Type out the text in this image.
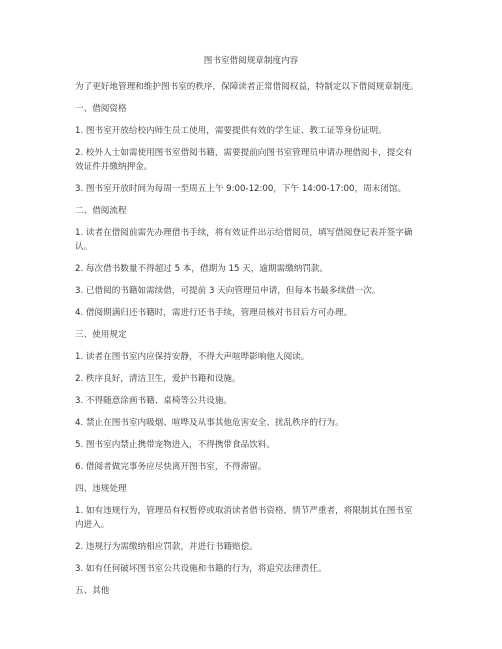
图书室借阅规章制度内容
为了更好地管理和维护图书室的秩序，保障读者正常借阅权益，特制定以下借阅规章制度。
一、借阅资格
1. 图书室开放给校内师生员工使用，需要提供有效的学生证、教工证等身份证明。
2. 校外人士如需使用图书室借阅书籍，需要提前向图书室管理员申请办理借阅卡，提交有
效证件并缴纳押金。
3. 图书室开放时间为每周一至周五上午 9:00-12:00，下午 14:00-17:00，周末闭馆。
二、借阅流程
1. 读者在借阅前需先办理借书手续，将有效证件出示给借阅员，填写借阅登记表并签字确
认。
2. 每次借书数量不得超过 5 本，借期为 15 天，逾期需缴纳罚款。
3. 已借阅的书籍如需续借，可提前 3 天向管理员申请，但每本书最多续借一次。
4. 借阅期满归还书籍时，需进行还书手续，管理员核对书目后方可办理。
三、使用规定
1. 读者在图书室内应保持安静，不得大声喧哗影响他人阅读。
2. 秩序良好，清洁卫生，爱护书籍和设施。
3. 不得随意涂画书籍、桌椅等公共设施。
4. 禁止在图书室内吸烟、喧哗及从事其他危害安全、扰乱秩序的行为。
5. 图书室内禁止携带宠物进入，不得携带食品饮料。
6. 借阅者做完事务应尽快离开图书室，不得滞留。
四、违规处理
1. 如有违规行为，管理员有权暂停或取消读者借书资格，情节严重者，将限制其在图书室
内进入。
2. 违规行为需缴纳相应罚款，并进行书籍赔偿。
3. 如有任何破坏图书室公共设施和书籍的行为，将追究法律责任。
五、其他
